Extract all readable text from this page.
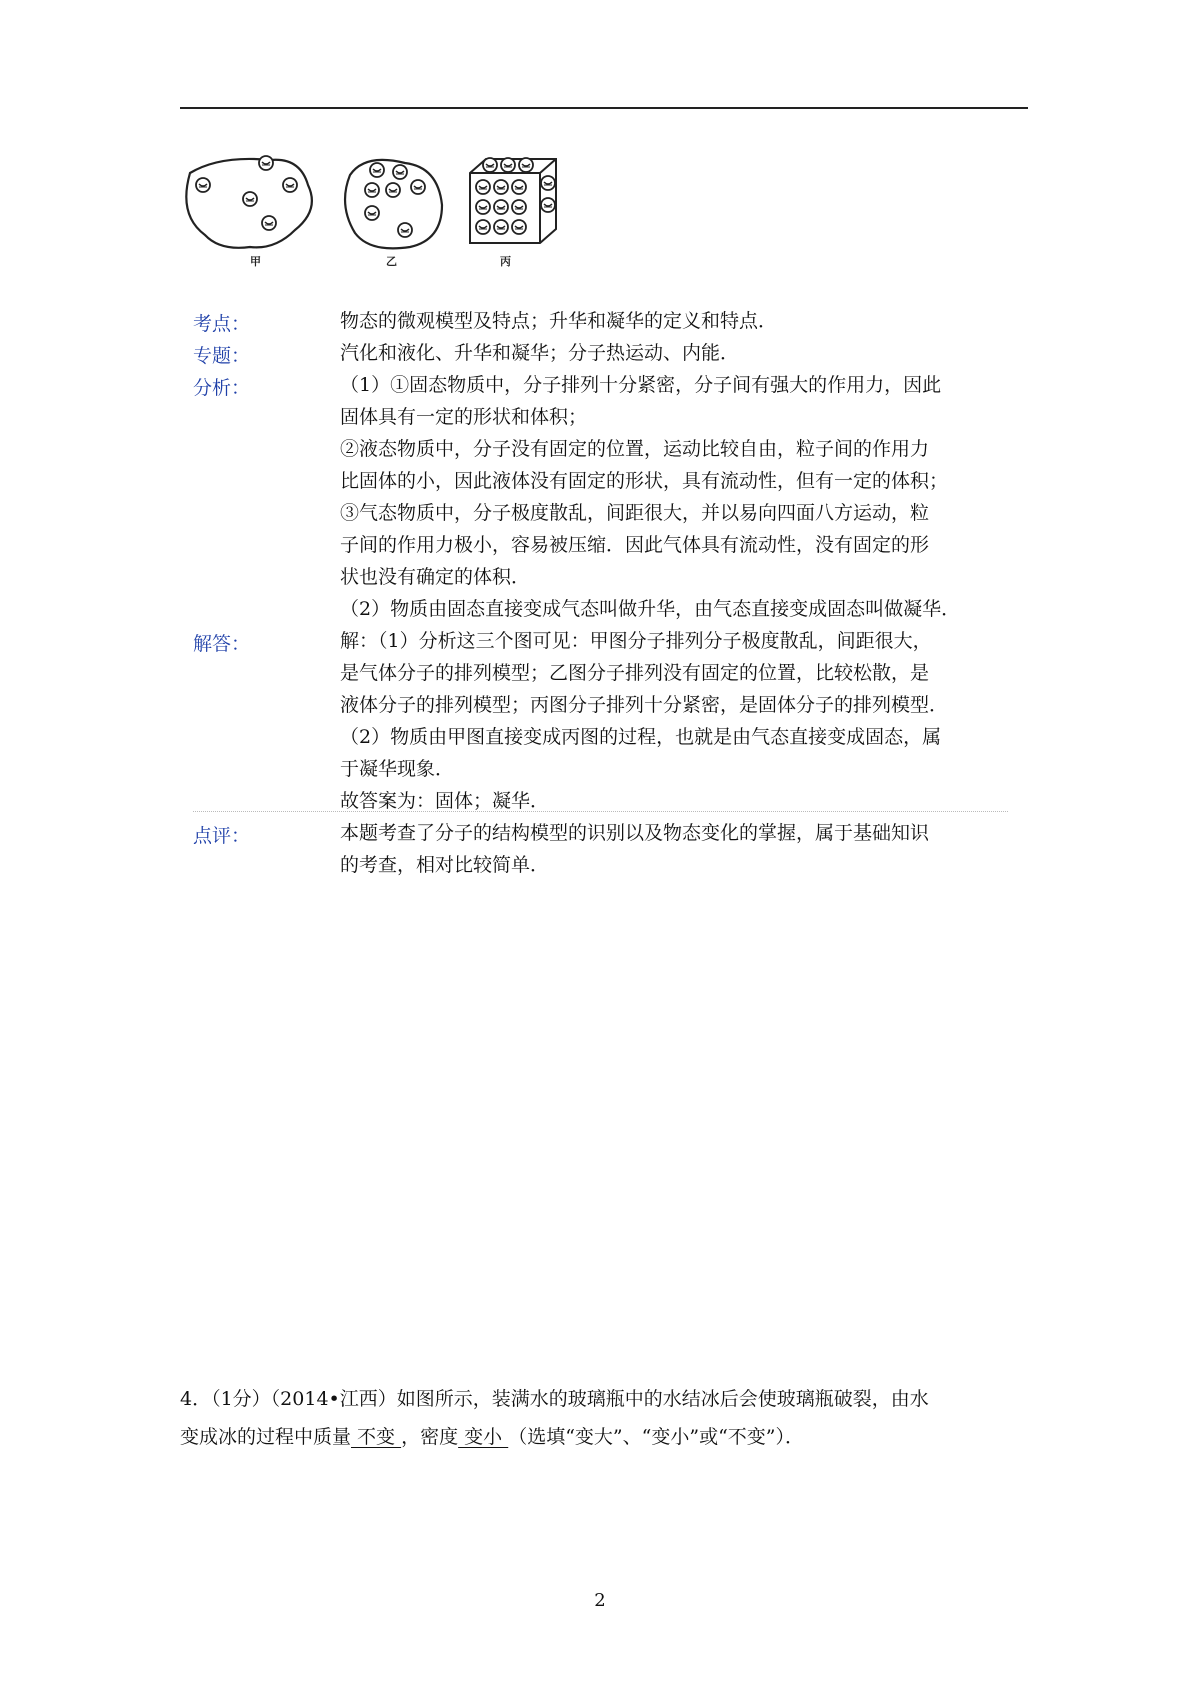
甲	乙	丙
考点：	物态的微观模型及特点；升华和凝华的定义和特点．
专题：	汽化和液化、升华和凝华；分子热运动、内能．
分析：	（1）①固态物质中，分子排列十分紧密，分子间有强大的作用力，因此
固体具有一定的形状和体积；
②液态物质中，分子没有固定的位置，运动比较自由，粒子间的作用力
比固体的小，因此液体没有固定的形状，具有流动性，但有一定的体积；
③气态物质中，分子极度散乱，间距很大，并以易向四面八方运动，粒
子间的作用力极小，容易被压缩．因此气体具有流动性，没有固定的形
状也没有确定的体积．
（2）物质由固态直接变成气态叫做升华，由气态直接变成固态叫做凝华．
解答：	解：（1）分析这三个图可见：甲图分子排列分子极度散乱，间距很大，
是气体分子的排列模型；乙图分子排列没有固定的位置，比较松散，是
液体分子的排列模型；丙图分子排列十分紧密，是固体分子的排列模型．
（2）物质由甲图直接变成丙图的过程，也就是由气态直接变成固态，属
于凝华现象．
故答案为：固体；凝华．
点评：	本题考查了分子的结构模型的识别以及物态变化的掌握，属于基础知识
的考查，相对比较简单．
4．（1分）（2014•江西）如图所示，装满水的玻璃瓶中的水结冰后会使玻璃瓶破裂，由水
变成冰的过程中质量 不变 ，密度 变小 （选填“变大”、“变小”或“不变”）．
2
